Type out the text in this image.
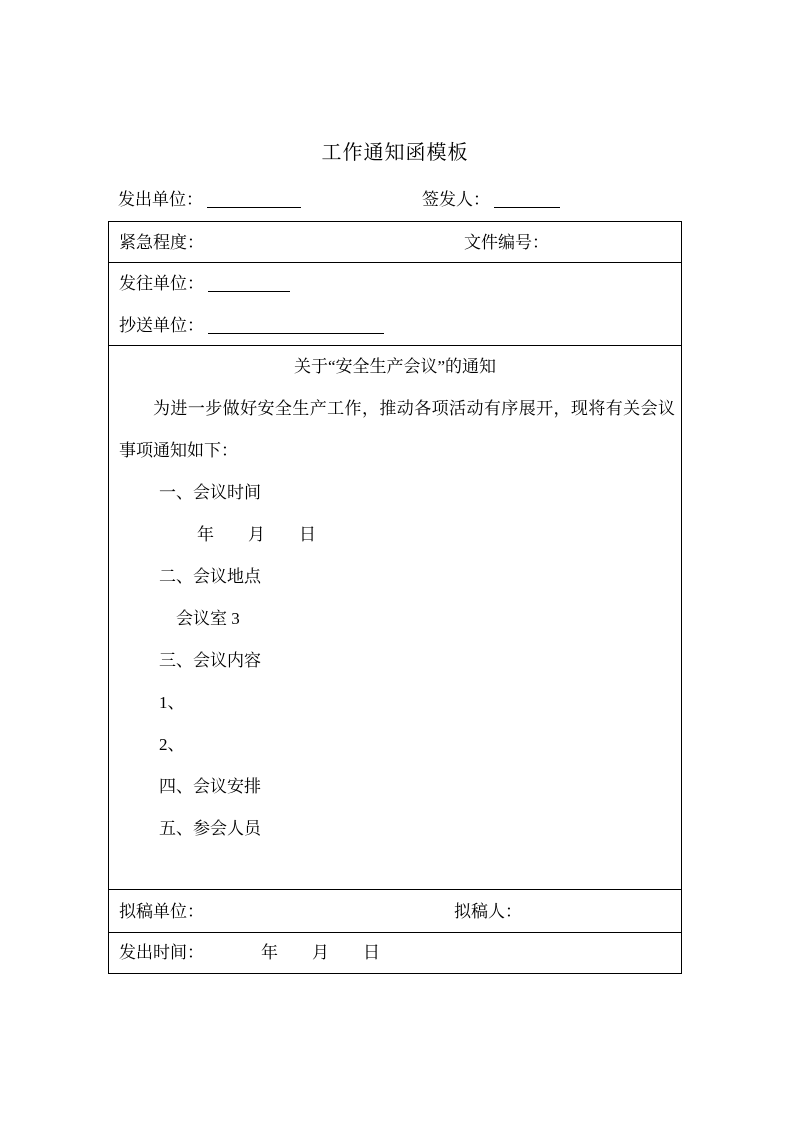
工作通知函模板
发出单位：	签发人：
紧急程度：	文件编号：
发往单位：
抄送单位：
关于“安全生产会议”的通知
为进一步做好安全生产工作，推动各项活动有序展开，现将有关会议事项通知如下：
一、会议时间
年　　月　　日
二、会议地点
会议室 3
三、会议内容
1、
2、
四、会议安排
五、参会人员
拟稿单位：	拟稿人：
发出时间：	年　　月　　日
